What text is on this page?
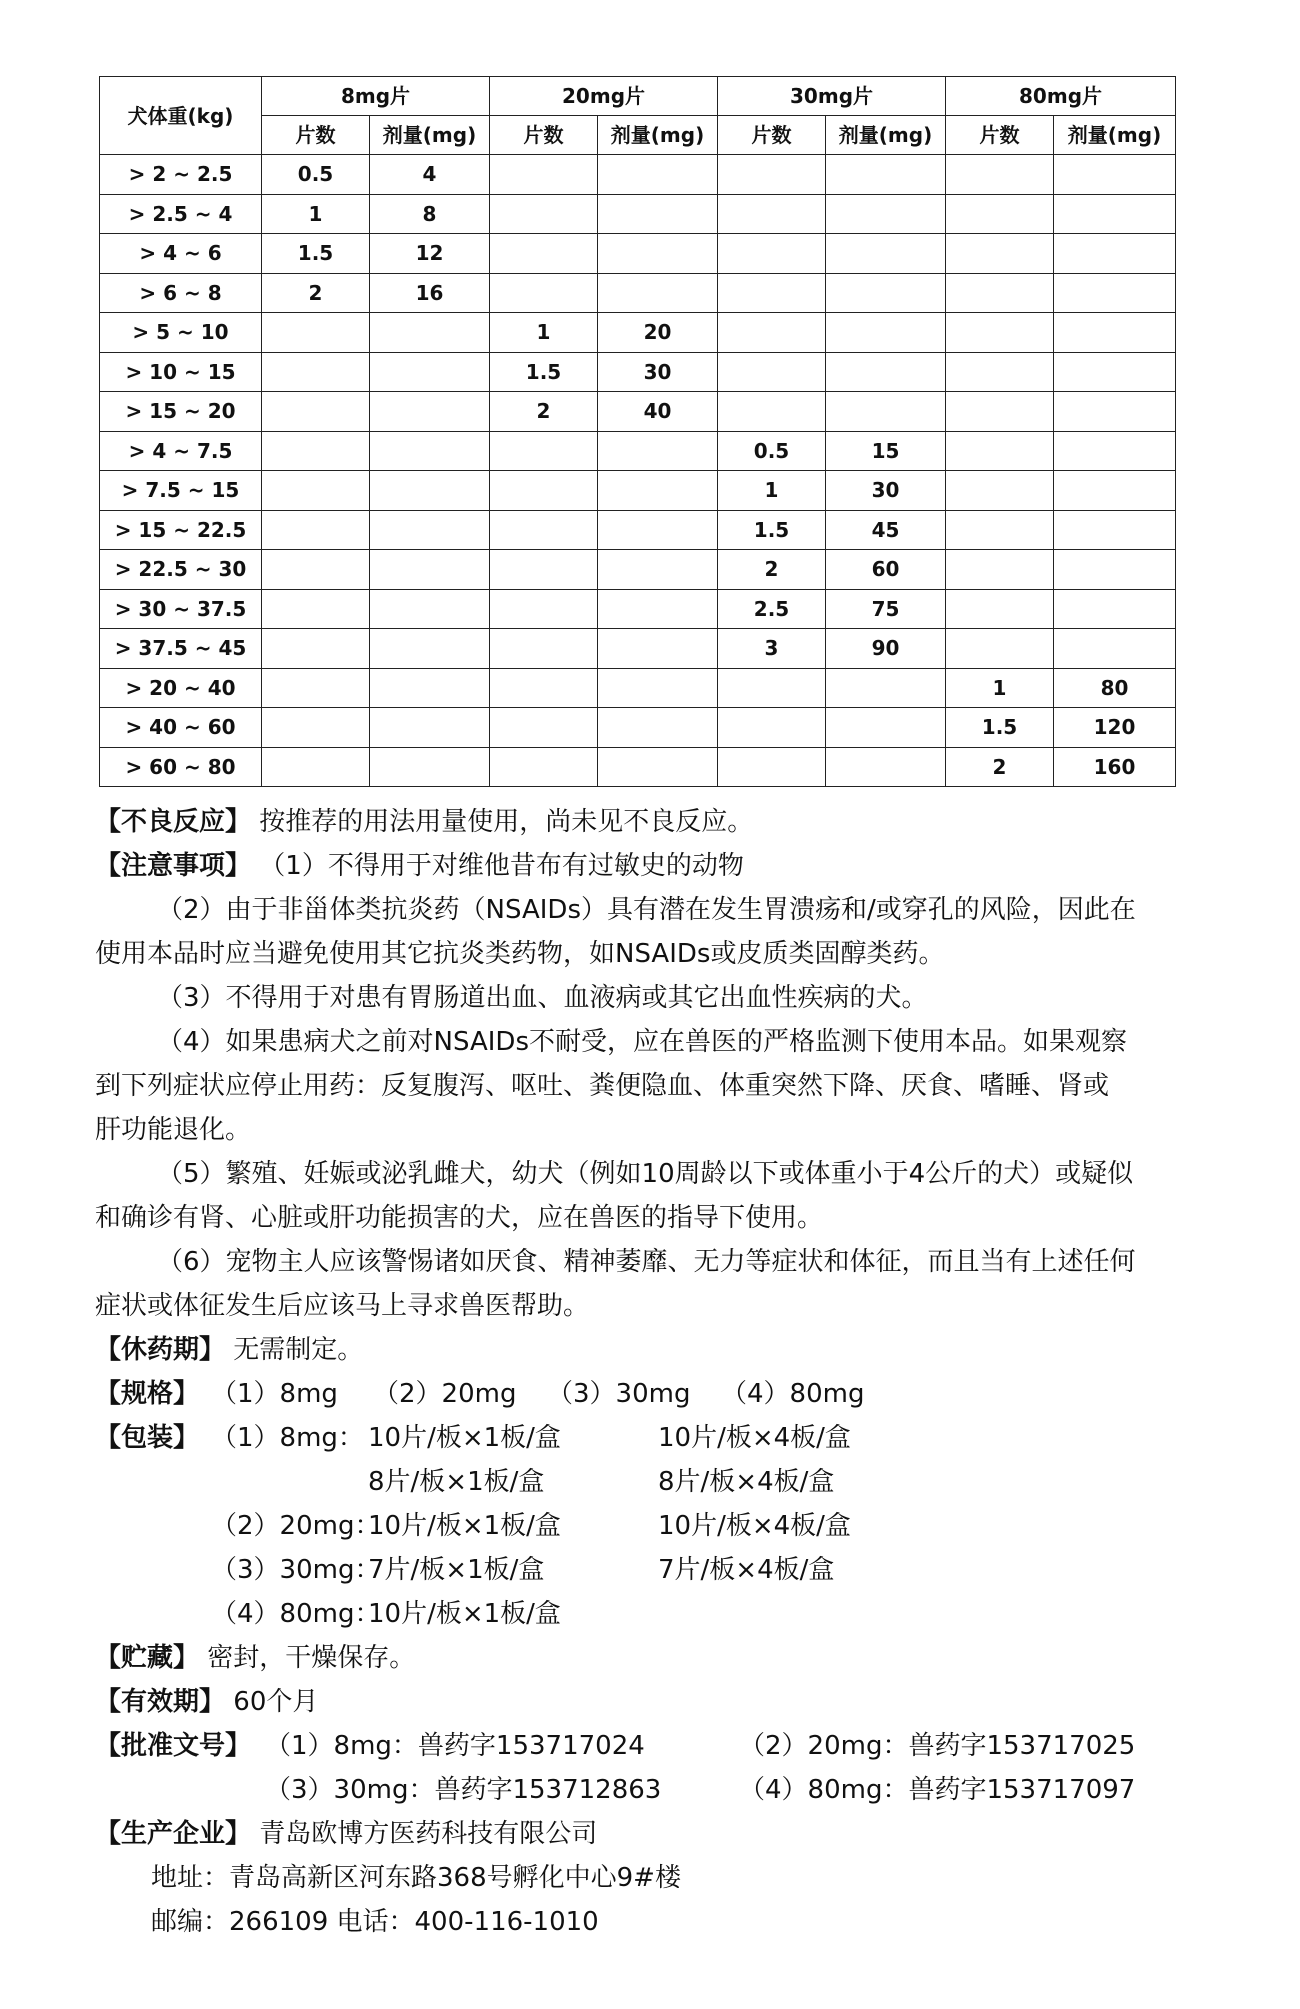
犬体重(kg)	8mg片		20mg片		30mg片		80mg片	
	片数	剂量(mg)	片数	剂量(mg)	片数	剂量(mg)	片数	剂量(mg)
> 2 ~ 2.5	0.5	4						
> 2.5 ~ 4	1	8						
> 4 ~ 6	1.5	12						
> 6 ~ 8	2	16						
> 5 ~ 10			1	20				
> 10 ~ 15			1.5	30				
> 15 ~ 20			2	40				
> 4 ~ 7.5					0.5	15		
> 7.5 ~ 15					1	30		
> 15 ~ 22.5					1.5	45		
> 22.5 ~ 30					2	60		
> 30 ~ 37.5					2.5	75		
> 37.5 ~ 45					3	90		
> 20 ~ 40							1	80
> 40 ~ 60							1.5	120
> 60 ~ 80							2	160
【不良反应】 按推荐的用法用量使用，尚未见不良反应。
【注意事项】 （1）不得用于对维他昔布有过敏史的动物
（2）由于非甾体类抗炎药（NSAIDs）具有潜在发生胃溃疡和/或穿孔的风险，因此在
使用本品时应当避免使用其它抗炎类药物，如NSAIDs或皮质类固醇类药。
（3）不得用于对患有胃肠道出血、血液病或其它出血性疾病的犬。
（4）如果患病犬之前对NSAIDs不耐受，应在兽医的严格监测下使用本品。如果观察
到下列症状应停止用药：反复腹泻、呕吐、粪便隐血、体重突然下降、厌食、嗜睡、肾或
肝功能退化。
（5）繁殖、妊娠或泌乳雌犬，幼犬（例如10周龄以下或体重小于4公斤的犬）或疑似
和确诊有肾、心脏或肝功能损害的犬，应在兽医的指导下使用。
（6）宠物主人应该警惕诸如厌食、精神萎靡、无力等症状和体征，而且当有上述任何
症状或体征发生后应该马上寻求兽医帮助。
【休药期】 无需制定。
【规格】 （1）8mg	（2）20mg	（3）30mg	（4）80mg
【包装】 （1）8mg： 10片/板×1板/盒	10片/板×4板/盒
8片/板×1板/盒	8片/板×4板/盒
（2）20mg：
10片/板×1板/盒	10片/板×4板/盒
（3）30mg：
7片/板×1板/盒	7片/板×4板/盒
（4）80mg：
10片/板×1板/盒
【贮藏】 密封，干燥保存。
【有效期】 60个月
【批准文号】 （1）8mg：兽药字153717024	（2）20mg：兽药字153717025
（3）30mg：兽药字153712863	（4）80mg：兽药字153717097
【生产企业】 青岛欧博方医药科技有限公司
地址：青岛高新区河东路368号孵化中心9#楼
邮编：266109 电话：400-116-1010
